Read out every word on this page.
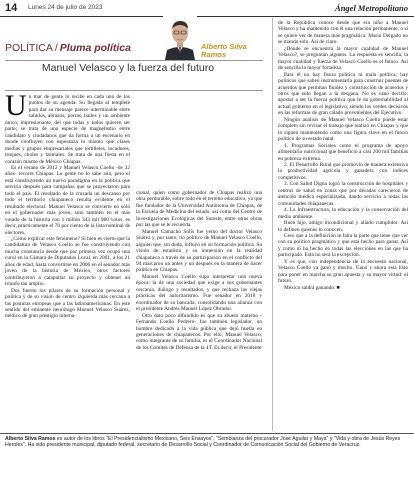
14 Lunes 24 de julio de 2023	Ángel Metropolitano
POLÍTICA / Pluma política	Alberto Silva Ramos
Manuel Velasco y la fuerza del futuro

Un mar de gente lo recibe en cada uno de los puntos de su agenda. Su llegada al templete para dar su mensaje parece interminable entre saludos, abrazos, porras, bailes y un ambiente único, impresionante, del que todas y todos quieren ser parte; se trata de una especie de magnetismo entre candidato y ciudadanos que da forma a un escenario en donde confluyen con esperanza lo mismo que clases medias y grupos empresariales que tortilleles, locadores, troques, choles y tzentales. Se trata de una fiesta en el corazón mismo de México Chiapas.

Es el verano de 2012 y Manuel Velasco Coello -de 32 años- recorre Chiapas. Lo gente no lo sabe aún, pero el está construyendo un nuevo paradigma en la política que serviría después para campañas que se proyectaron para todo el país. El resultado de la cruzada un descanso por todo el territorio chiapaneco resulta evidente en el resultado electoral: Manuel Velasco se convierte no sólo en el gobernador más joven, sino también en el más votado de la historia con 1 millón 343 mil 980 votos, es decir, prácticamente el 70 por ciento de la lista nominal de electores.

¿Cómo explicar este fenómeno? Si bien es cierto que la candidatura de Velasco Coello se fue construyendo con mucha constancia desde que por primera vez ocupó una curul en la Cámara de Diputados Local, en 2001, a los 21 años de edad, hasta convertirse en 2006 en el senador más joven de la historia de México, otros factores contribuyeron a catapultar su proyecto y obtener un triunfo tan amplio.

Dos fueron los pilares de su formación personal y política y de su visión de centro izquierda más cercana a las posturas europeas que a las latinoamericanas. En este sentido del eminente neurólogo Manuel Velasco Suárez, médico de gran prestigio interna-

cional, quien como gobernador de Chiapas realizó una obra perdurable, sobre todo en el terreno educativo, ya que fue fundador de la Universidad Autónoma de Chiapas, de la Escuela de Medicina del estado, así como del Centro de Investigaciones Ecológicas del Sureste, entre otras obras por las que se le recuerda.

Manuel Camacho Solís fue yerno del doctor Velasco Suárez y, por tanto, tío político de Manuel Velasco Coello, alguien que, sin duda, influyó en su formación política. Su visión de estadista y su inmersión en la realidad chiapaneca a través de su participación en el conflicto del 94 marcaron un antes y un después en la manera de hacer política en Chiapas.

Manuel Velasco Coello supo interpretar una nueva época: la de una sociedad que exige a sus gobernantes cercanía, diálogo y resultados, y que rechaza las viejas prácticas del autoritarismo. Fue senador en 2018 y coordinador de su bancada, consolidando una alianza con el presidente Andrés Manuel López Obrador.

Otro dato poco difundido es que su abuelo materno -Fernando Coello Pedrero- fue también legislador, un hombre dedicado a la vida pública que dejó huella en generaciones de chiapanecos. Por ello, Manuel Velasco, como integrante de su familia, es el Coordinador Nacional de los Comités de Defensa de la 4T. Es decir, el Presidente

de la República conoce desde que era niño a Manuel Velasco y ha mantenido con él una relación permanente, o sí se quiere ver de manera más pragmática: Mario Delgado no se manda solo. Así de claro.

¿Dónde se encuentra la mayor cualidad de Manuel Velasco?, se preguntan algunos. La respuesta es sencilla, la mayor cualidad y fuerza de Velasco Coello es el futuro. Así de sencilla la mayor fortaleza.

Para él no hay fisura política ni mala política; hay políticos que saben instrumentarla para construir puentes de acuerdos que permitan fluidez y construcción de acuerdos y otros que solo llegan a la desgana. No es vano decirlo: apostar a ser la fuerza política que le da gobernabilidad al actual gobierno en el legislativo, siendo los verdes decisivos en las reformas de gran calado provenientes del Ejecutivo.

Ningún análisis de Manuel Velasco Coello puede estar completo sin revisar el trabajo que realizó en Chiapas y que lo siguen manteniendo como una figura clave en el futuro político de su estado natal.

1. Programas Sociales como el programa de apoyo alimentario nutricional que benefició a casi 200 mil familias en pobreza extrema.

2. El Desarrollo Rural que promovió de manera extensiva la productividad agrícola y ganadera con índices competitivos.

3. Con Salud Digna logró la construcción de hospitales y centros de salud en zonas que por décadas carecieron de atención médica especializada, dando servicio a todas las comunidades chiapanecas.

4. La Infraestructura, la educación y la conservación del medio ambiente.

Buen hijo, amigo incondicional y aliado cumplidor. Así lo definen quienes lo conocen.

Creo que a la definición le falta la parte que tiene que ver con su político pragmático y que está hecho para ganar. Así y como ni ha hecho en todas las elecciones en las que ha participado. Esta no será la excepción.

Y es que, con independencia de la encuesta nacional, Velasco Coello ya ganó y mucho. Ganó y ahora está listo para poner en marcha su gran apuesta y su mayor virtud: el futuro.

México saldrá ganando. ■

Alberto Silva Ramos es autor de los libros "El Presidencialismo Mexicano, Seis Ensayos", "Semblanza del procurador José Aguilar y Maya" y "Vida y obra de Jesús Reyes Heroles". Ha sido presidente municipal, diputado federal, secretario de Desarrollo Social y Coordinador de Comunicación Social del Gobierno de Veracruz.
